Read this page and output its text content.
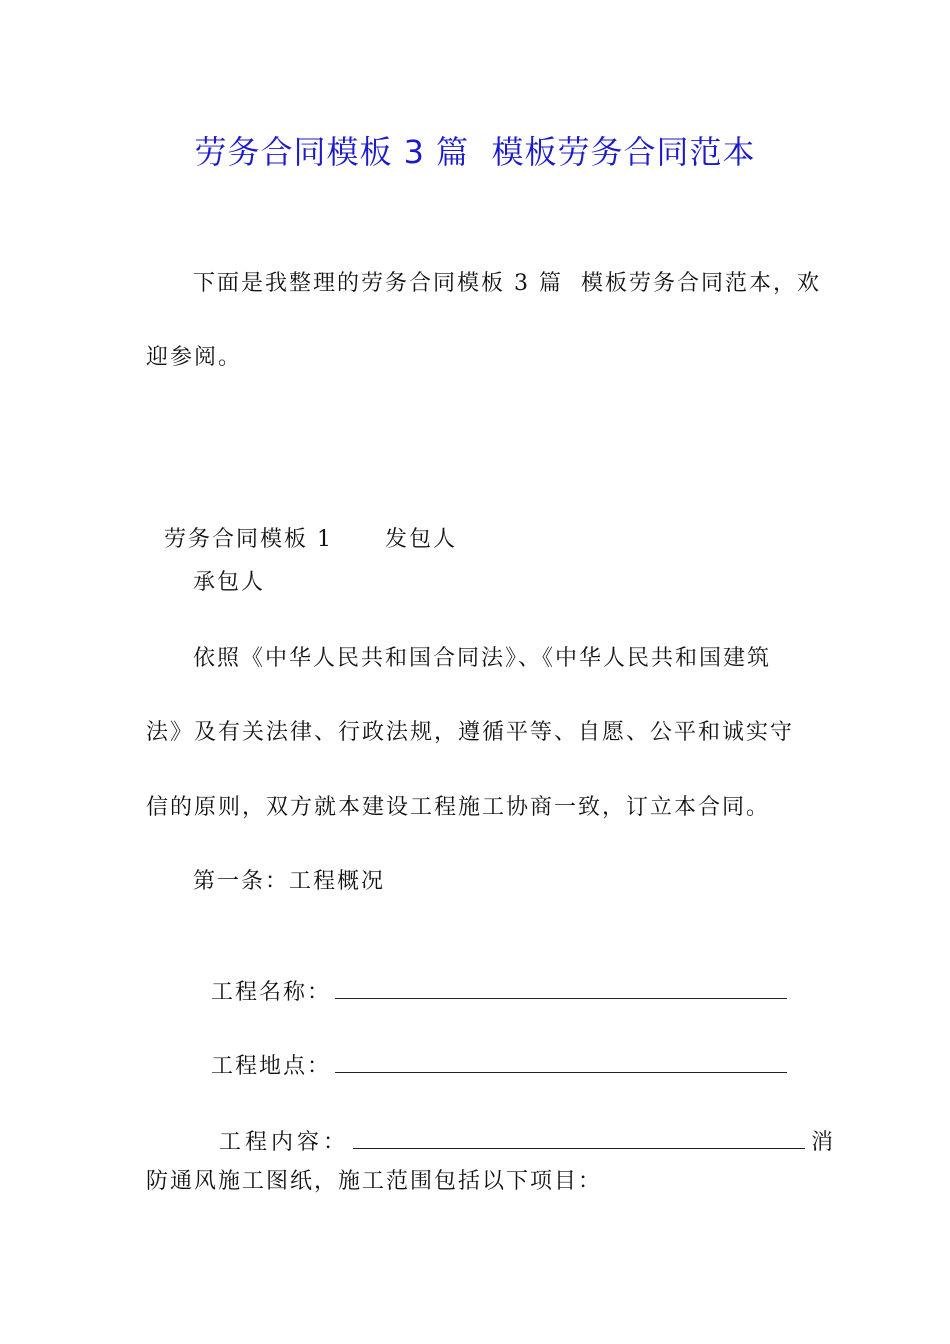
劳务合同模板 3 篇  模板劳务合同范本
下面是我整理的劳务合同模板 3 篇  模板劳务合同范本，欢
迎参阅。

劳务合同模板 1 发包人

承包人
依照《中华人民共和国合同法》、《中华人民共和国建筑
法》及有关法律、行政法规，遵循平等、自愿、公平和诚实守
信的原则，双方就本建设工程施工协商一致，订立本合同。
第一条：工程概况

工程名称：

工程地点：

工程内容：	消

防通风施工图纸，施工范围包括以下项目：
